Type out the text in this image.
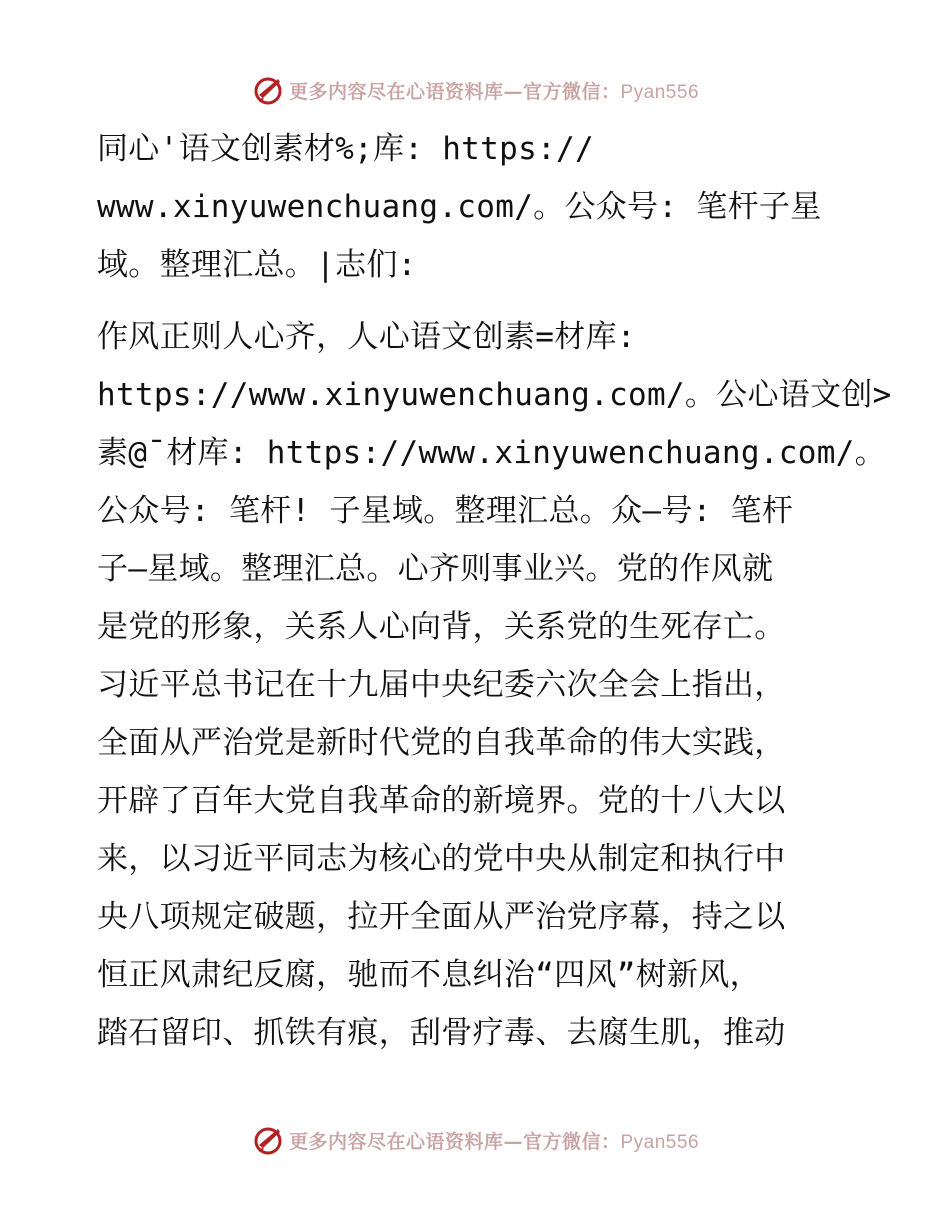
更多内容尽在心语资料库—官方微信：Pyan556
同心'语文创素材%;库: https://
www.xinyuwenchuang.com/。公众号: 笔杆子星
域。整理汇总。|志们:
作风正则人心齐，人心语文创素=材库:
https://www.xinyuwenchuang.com/。公心语文创>
素@¯材库: https://www.xinyuwenchuang.com/。
公众号: 笔杆! 子星域。整理汇总。众—号: 笔杆
子—星域。整理汇总。心齐则事业兴。党的作风就
是党的形象，关系人心向背，关系党的生死存亡。
习近平总书记在十九届中央纪委六次全会上指出，
全面从严治党是新时代党的自我革命的伟大实践，
开辟了百年大党自我革命的新境界。党的十八大以
来，以习近平同志为核心的党中央从制定和执行中
央八项规定破题，拉开全面从严治党序幕，持之以
恒正风肃纪反腐，驰而不息纠治“四风”树新风，
踏石留印、抓铁有痕，刮骨疗毒、去腐生肌，推动
更多内容尽在心语资料库—官方微信：Pyan556
